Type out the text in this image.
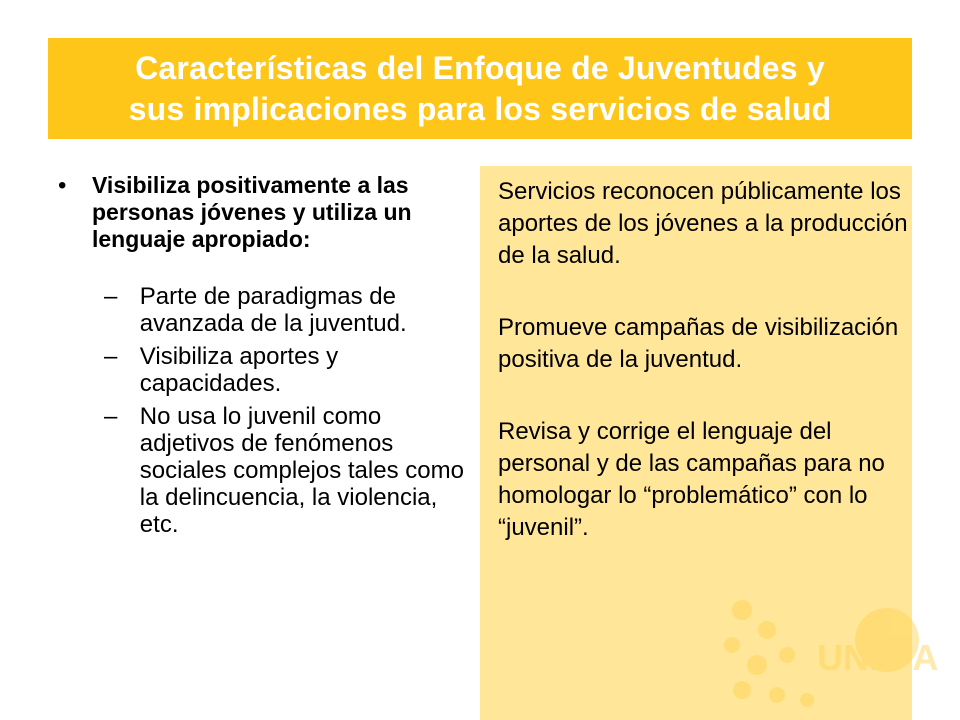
Características del Enfoque de Juventudes y
sus implicaciones para los servicios de salud
•	Visibiliza positivamente a las personas jóvenes y utiliza un lenguaje apropiado:
– Parte de paradigmas de avanzada de la juventud.
– Visibiliza aportes y capacidades.
– No usa lo juvenil como adjetivos de fenómenos sociales complejos tales como la delincuencia, la violencia, etc.
UNFPA

Servicios reconocen públicamente los aportes de los jóvenes a la producción de la salud.

Promueve campañas de visibilización positiva de la juventud.

Revisa y corrige el lenguaje del personal y de las campañas para no homologar lo “problemático” con lo “juvenil”.
